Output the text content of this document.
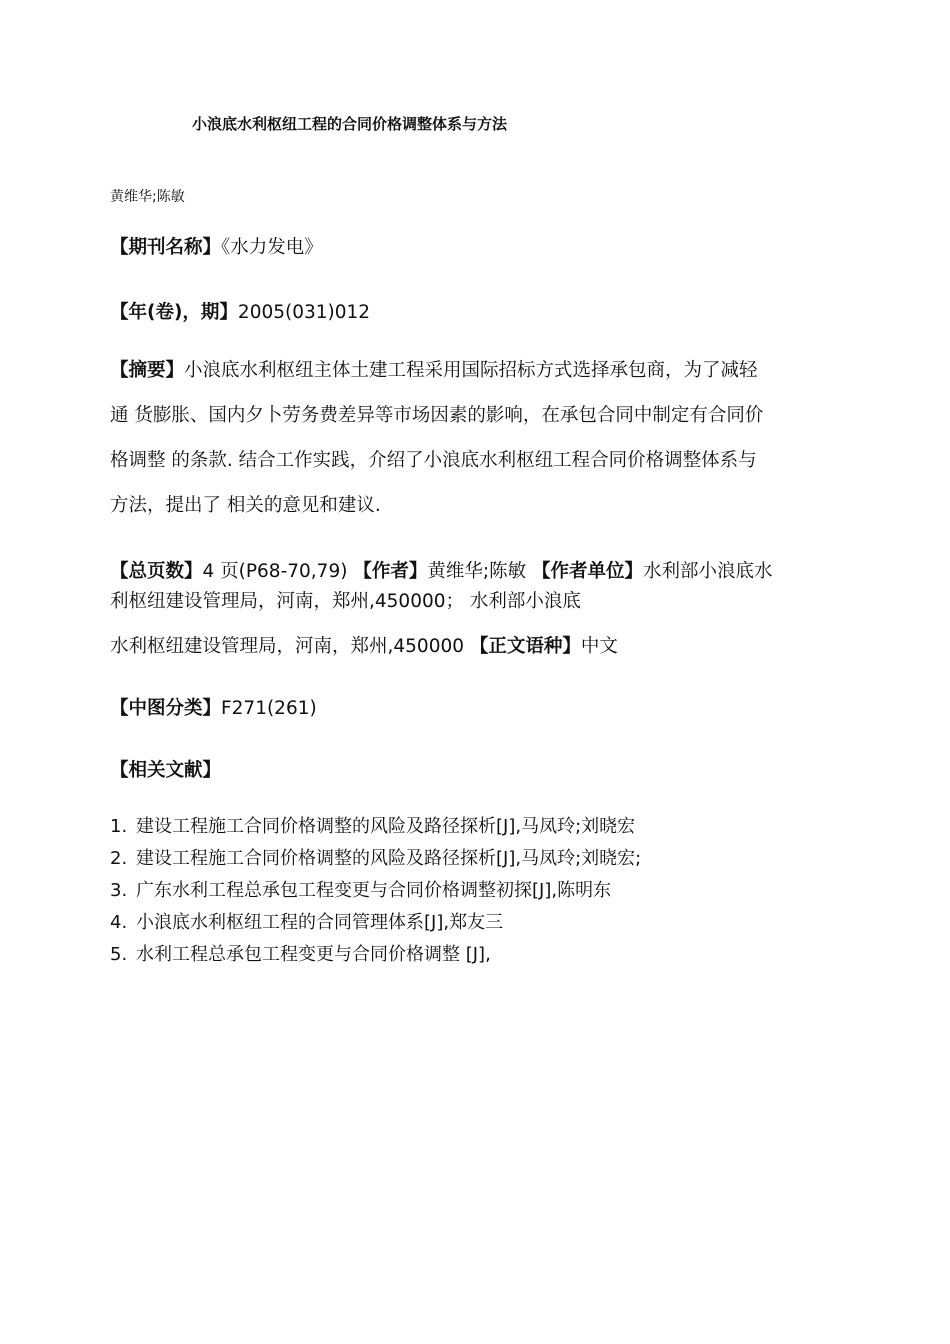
小浪底水利枢纽工程的合同价格调整体系与方法
黄维华;陈敏
【期刊名称】《水力发电》
【年(卷)，期】2005(031)012
【摘要】小浪底水利枢纽主体土建工程采用国际招标方式选择承包商，为了减轻
通 货膨胀、国内夕卜劳务费差异等市场因素的影响，在承包合同中制定有合同价
格调整 的条款. 结合工作实践，介绍了小浪底水利枢纽工程合同价格调整体系与
方法，提出了 相关的意见和建议.
【总页数】4 页(P68-70,79) 【作者】黄维华;陈敏 【作者单位】水利部小浪底水
利枢纽建设管理局，河南，郑州,450000； 水利部小浪底
水利枢纽建设管理局，河南，郑州,450000 【正文语种】中文
【中图分类】F271(261)
【相关文献】
1. 建设工程施工合同价格调整的风险及路径探析[J],马凤玲;刘晓宏
2. 建设工程施工合同价格调整的风险及路径探析[J],马凤玲;刘晓宏;
3. 广东水利工程总承包工程变更与合同价格调整初探[J],陈明东
4. 小浪底水利枢纽工程的合同管理体系[J],郑友三
5. 水利工程总承包工程变更与合同价格调整 [J],
